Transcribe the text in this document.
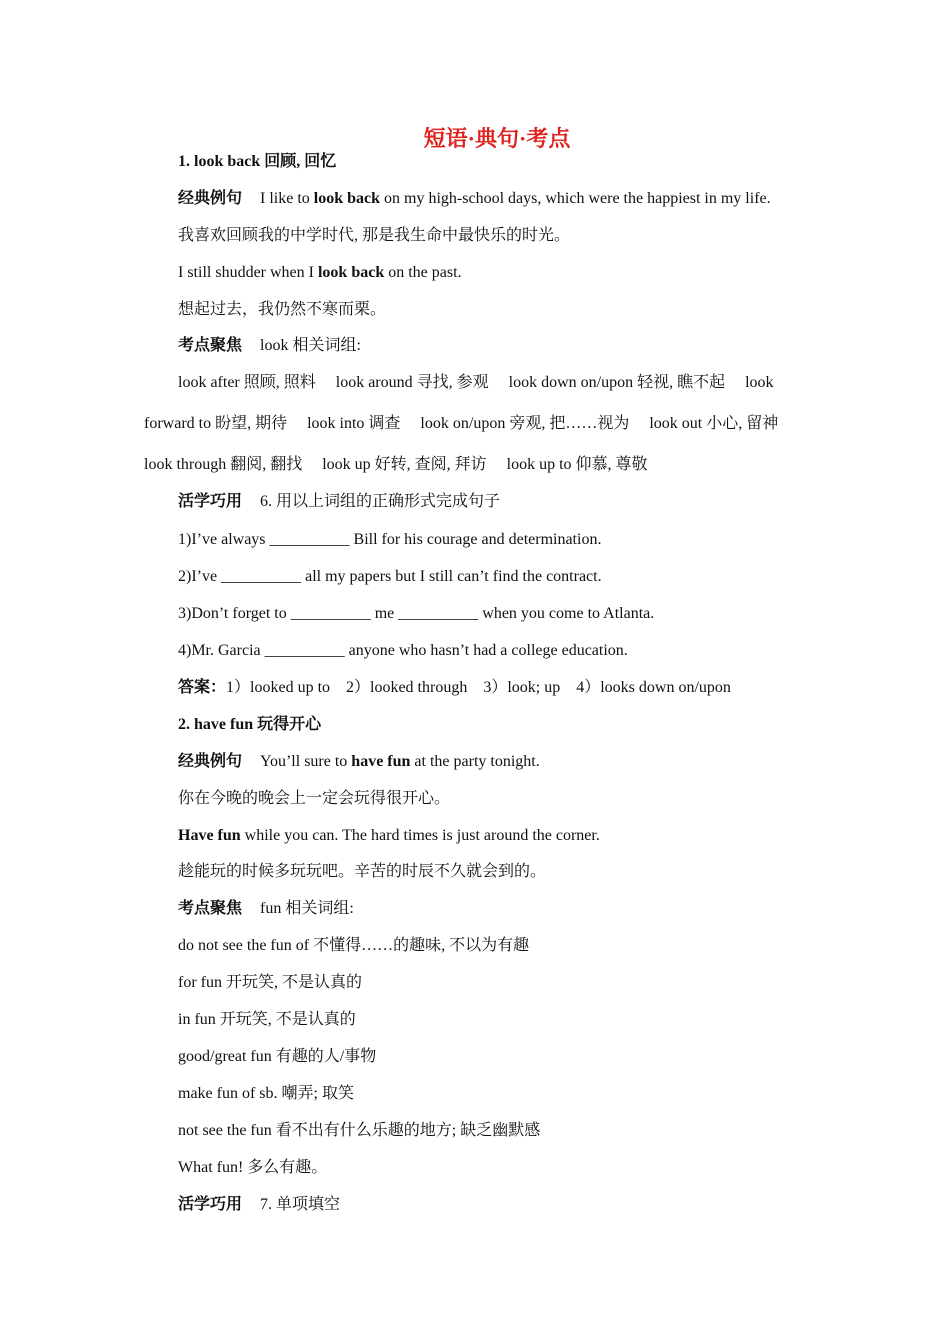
短语·典句·考点
1. look back 回顾, 回忆
经典例句 I like to look back on my high-school days, which were the happiest in my life.
我喜欢回顾我的中学时代, 那是我生命中最快乐的时光。
I still shudder when I look back on the past.
想起过去，我仍然不寒而栗。
考点聚焦 look 相关词组:
look after 照顾, 照料　 look around 寻找, 参观　 look down on/upon 轻视, 瞧不起　 look
forward to 盼望, 期待　 look into 调查　 look on/upon 旁观, 把……视为　 look out 小心, 留神
look through 翻阅, 翻找　 look up 好转, 查阅, 拜访　 look up to 仰慕, 尊敬
活学巧用 6. 用以上词组的正确形式完成句子
1)I’ve always __________ Bill for his courage and determination.
2)I’ve __________ all my papers but I still can’t find the contract.
3)Don’t forget to __________ me __________ when you come to Atlanta.
4)Mr. Garcia __________ anyone who hasn’t had a college education.
答案：1）looked up to　2）looked through　3）look; up　4）looks down on/upon
2. have fun 玩得开心
经典例句 You’ll sure to have fun at the party tonight.
你在今晚的晚会上一定会玩得很开心。
Have fun while you can. The hard times is just around the corner.
趁能玩的时候多玩玩吧。辛苦的时辰不久就会到的。
考点聚焦 fun 相关词组:
do not see the fun of 不懂得……的趣味, 不以为有趣
for fun 开玩笑, 不是认真的
in fun 开玩笑, 不是认真的
good/great fun 有趣的人/事物
make fun of sb. 嘲弄; 取笑
not see the fun 看不出有什么乐趣的地方; 缺乏幽默感
What fun! 多么有趣。
活学巧用 7. 单项填空
